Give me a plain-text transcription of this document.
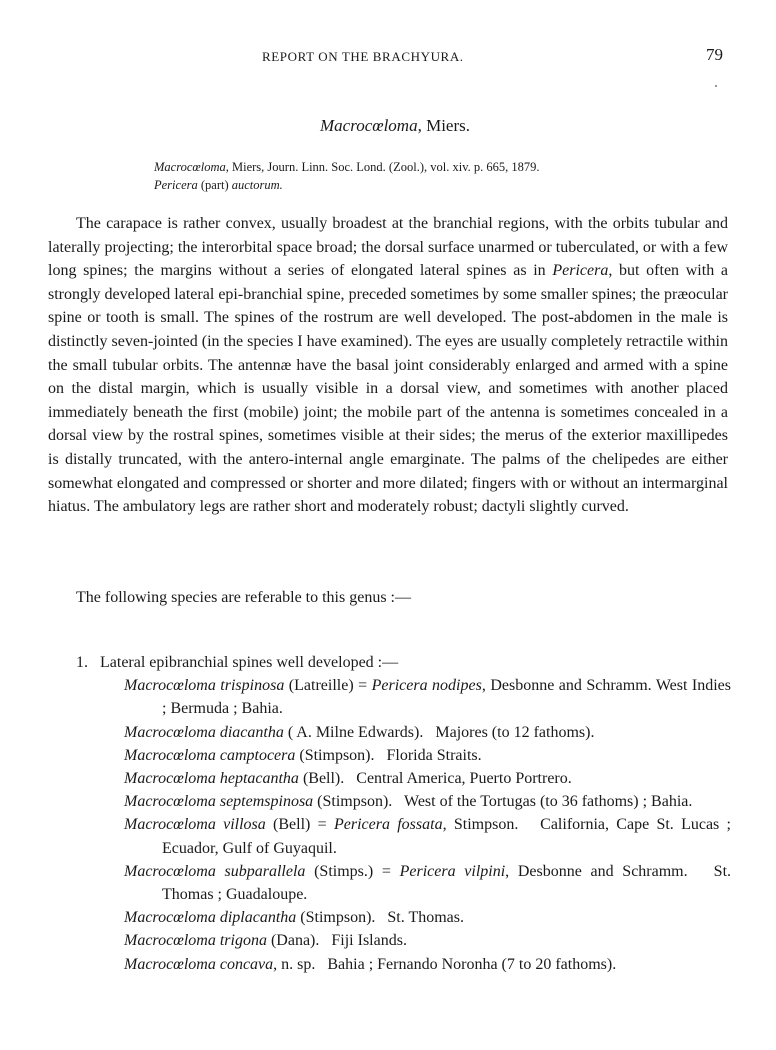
REPORT ON THE BRACHYURA.	79
Macrocœloma, Miers.
Macrocœloma, Miers, Journ. Linn. Soc. Lond. (Zool.), vol. xiv. p. 665, 1879.
Pericera (part) auctorum.

The carapace is rather convex, usually broadest at the branchial regions, with the orbits tubular and laterally projecting; the interorbital space broad; the dorsal surface unarmed or tuberculated, or with a few long spines; the margins without a series of elongated lateral spines as in Pericera, but often with a strongly developed lateral epi-branchial spine, preceded sometimes by some smaller spines; the præocular spine or tooth is small. The spines of the rostrum are well developed. The post-abdomen in the male is distinctly seven-jointed (in the species I have examined). The eyes are usually completely retractile within the small tubular orbits. The antennæ have the basal joint considerably enlarged and armed with a spine on the distal margin, which is usually visible in a dorsal view, and sometimes with another placed immediately beneath the first (mobile) joint; the mobile part of the antenna is sometimes concealed in a dorsal view by the rostral spines, sometimes visible at their sides; the merus of the exterior maxillipedes is distally truncated, with the antero-internal angle emarginate. The palms of the chelipedes are either somewhat elongated and compressed or shorter and more dilated; fingers with or without an intermarginal hiatus. The ambulatory legs are rather short and moderately robust; dactyli slightly curved.

The following species are referable to this genus :—
1. Lateral epibranchial spines well developed :—
Macrocœloma trispinosa (Latreille) = Pericera nodipes, Desbonne and Schramm. West Indies ; Bermuda ; Bahia.
Macrocœloma diacantha ( A. Milne Edwards).   Majores (to 12 fathoms).
Macrocœloma camptocera (Stimpson).   Florida Straits.
Macrocœloma heptacantha (Bell).   Central America, Puerto Portrero.
Macrocœloma septemspinosa (Stimpson).   West of the Tortugas (to 36 fathoms) ; Bahia.
Macrocœloma villosa (Bell) = Pericera fossata, Stimpson.   California, Cape St. Lucas ; Ecuador, Gulf of Guyaquil.
Macrocœloma subparallela (Stimps.) = Pericera vilpini, Desbonne and Schramm.   St. Thomas ; Guadaloupe.
Macrocœloma diplacantha (Stimpson).   St. Thomas.
Macrocœloma trigona (Dana).   Fiji Islands.
Macrocœloma concava, n. sp.   Bahia ; Fernando Noronha (7 to 20 fathoms).
